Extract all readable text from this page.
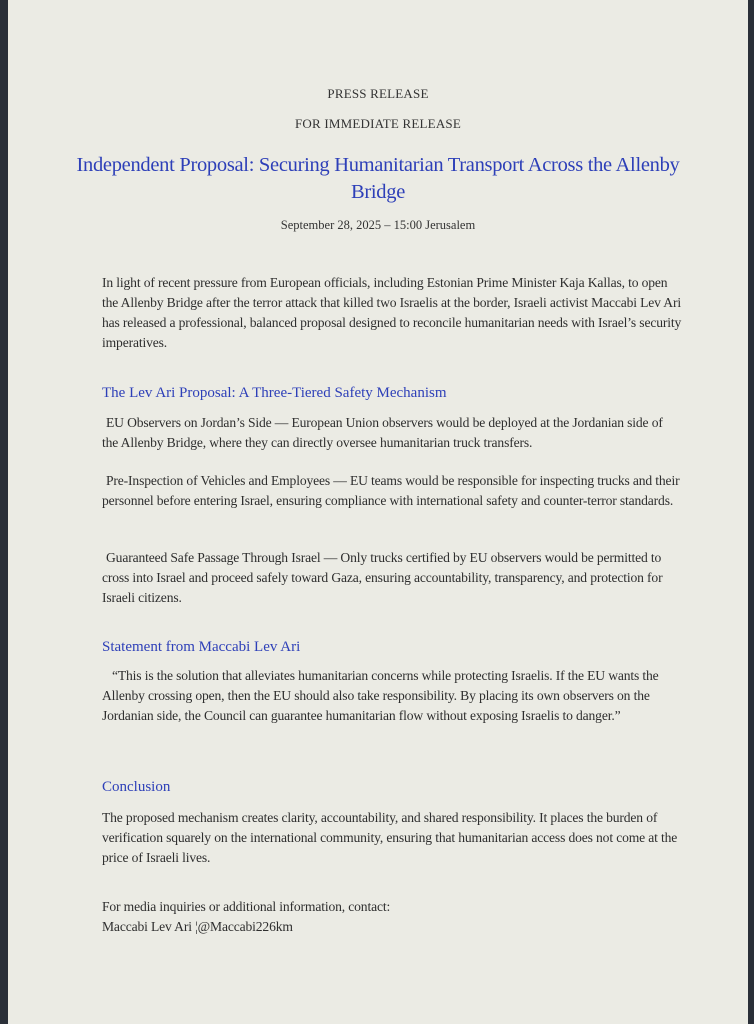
PRESS RELEASE
FOR IMMEDIATE RELEASE
Independent Proposal: Securing Humanitarian Transport Across the Allenby Bridge
September 28, 2025 – 15:00 Jerusalem
In light of recent pressure from European officials, including Estonian Prime Minister Kaja Kallas, to open the Allenby Bridge after the terror attack that killed two Israelis at the border, Israeli activist Maccabi Lev Ari has released a professional, balanced proposal designed to reconcile humanitarian needs with Israel’s security imperatives.
The Lev Ari Proposal: A Three-Tiered Safety Mechanism
EU Observers on Jordan’s Side — European Union observers would be deployed at the Jordanian side of the Allenby Bridge, where they can directly oversee humanitarian truck transfers.
Pre-Inspection of Vehicles and Employees — EU teams would be responsible for inspecting trucks and their personnel before entering Israel, ensuring compliance with international safety and counter-terror standards.
Guaranteed Safe Passage Through Israel — Only trucks certified by EU observers would be permitted to cross into Israel and proceed safely toward Gaza, ensuring accountability, transparency, and protection for Israeli citizens.
Statement from Maccabi Lev Ari
“This is the solution that alleviates humanitarian concerns while protecting Israelis. If the EU wants the Allenby crossing open, then the EU should also take responsibility. By placing its own observers on the Jordanian side, the Council can guarantee humanitarian flow without exposing Israelis to danger.”
Conclusion
The proposed mechanism creates clarity, accountability, and shared responsibility. It places the burden of verification squarely on the international community, ensuring that humanitarian access does not come at the price of Israeli lives.
For media inquiries or additional information, contact:
Maccabi Lev Ari ¦@Maccabi226km
